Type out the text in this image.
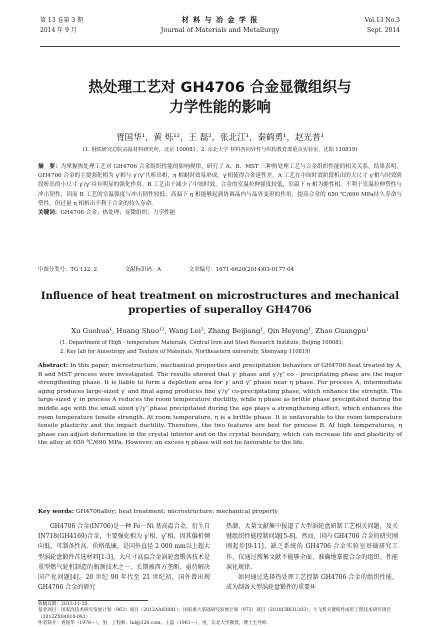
第 13 卷第 3 期
2014 年 9 月
材 料 与 冶 金 学 报
Journal of Materials and Metallurgy
Vol.13 No.3
Sept. 2014
热处理工艺对 GH4706 合金显微组织与
力学性能的影响
胥国华¹，黄 烁¹²，王 磊²，张北江¹，秦鹤勇¹，赵光普¹
(1. 钢铁研究总院高温材料研究所，北京 100081；2. 东北大学 材料各向异性与织构教育部重点实验室，沈阳 110819)
摘　要：为掌握热处理工艺对 GH4706 合金组织性能的影响规律，研究了 A、B、MST 三种热处理工艺与合金组织性能的相关关系。结果表明，GH4706 合金的主要强化相为 γ′相与 γ′/γ″共析出相，η 相耐时效易形成，γ′相使得合金延性差。A 工艺在中间时效阶段析出的大尺寸 γ′相与时效阶段析出的小尺寸 γ′/γ″具有明显的强化作用。B 工艺由于减少了中间时效，合金的室温拉伸强度较低，室温下 η 相为脆性相，不利于室温拉伸塑性与冲击韧性，因而 B 工艺的室温强度与冲击韧性较低，高温下 η 相能够起到协调晶内与晶界变形的作用，提高合金的 650 ℃/690 MPa持久寿命与塑性，但过量 η 相析出不利于合金的持久寿命。
关键词：GH4706 合金；热处理；显微组织；力学性能
中图分类号：TG 132. 2	文献标识码：A	文章编号：1671-6620(2014)03-0177-04
Influence of heat treatment on microstructures and mechanical
properties of superalloy GH4706
Xu Guohua¹, Huang Shuo¹², Wang Lei², Zhang Beijiang¹, Qin Heyong¹, Zhao Guangpu¹
(1. Department of High - temperature Materials, Central Iron and Steel Research Institute, Beijing 100081;
2. Key lab for Anisotropy and Texture of Materials, Northeastern university, Shenyang 110819)
Abstract: In this paper, microstructure, mechanical properties and precipitation behaviors of GH4706 heat treated by A, B and MST process were investigated. The results showed that γ′ phase and γ′/γ″ co - precipitating phase are the major strengthening phase. It is liable to form a depletion area for γ′ and γ″ phase near η phase. For process A, intermediate aging produces large-sized γ′ and final aging produces fine γ′/γ″ co-precipitating phase, which enhance the strength. The large-sized γ′ in process A reduces the room temperature ductility, while η phase as brittle phase precipitated during the middle age with the small sized γ′/γ″ phase precipitated during the age plays a strengthening effect, which enhances the room temperature tensile strength. At room temperature, η is a brittle phase. It is unfavorable to the room temperature tensile plasticity and the impact ductility. Therefore, the two features are best for process B. At high temperatures, η phase can adjust deformation in the crystal interior and on the crystal boundary, which can increase life and plasticity of the alloy at 650 ℃/690 MPa. However, an excess η phase will not be favorable to the life.
Key words: GH4706alloy; heat treatment; microstructure; mechanical property
GH4706 合金(IN706)是一种 Fe－Ni 基高温合金，衍生自 IN718(GH4169)合金，主要强化相为 γ′相、γ″相，因其偏析倾向低、可制备性高、价格低廉，是国外直径 2 000 mm以上超大型涡轮盘锻件首选材料[1-3]。大尺寸高温合金涡轮盘锻各技术是重型燃气轮机制造的瓶颈技术之一，长期被西方垄断，亟待解决国产化问题[4]。20 世纪 90 年代至 21 世纪初，国外曾出现 GH4706 合金的研究

热潮，大量文献集中报道了大型涡轮盘研制工艺相关问题，及关键组织性能控制问题[5-8]。然而，国内 GH4706 合金的研究刚刚起步[9-11]，缺乏系统的 GH4706 合金实验室基础研究工作，仅通过搜集文献不能够全面、准确地掌握合金的组织、性能演化规律。

如何通过选择热处理工艺控制 GH4706 合金的组织性能，成为制备大型涡轮盘锻件的重要环

收稿日期：2013-11-20.
基金项目：国家高技术研究发展计划（863）项目（2012AA03081）；国家重大基础研究发展计划（973）项目（2010CB631203）；大飞机关键构件成形工程技术研究项目（2012ZX04010-081）.
作者简介：胥国华（1976—），男，工程师；hd@126.com；王磊（1961—），男，东北大学教授，博士生导师.
